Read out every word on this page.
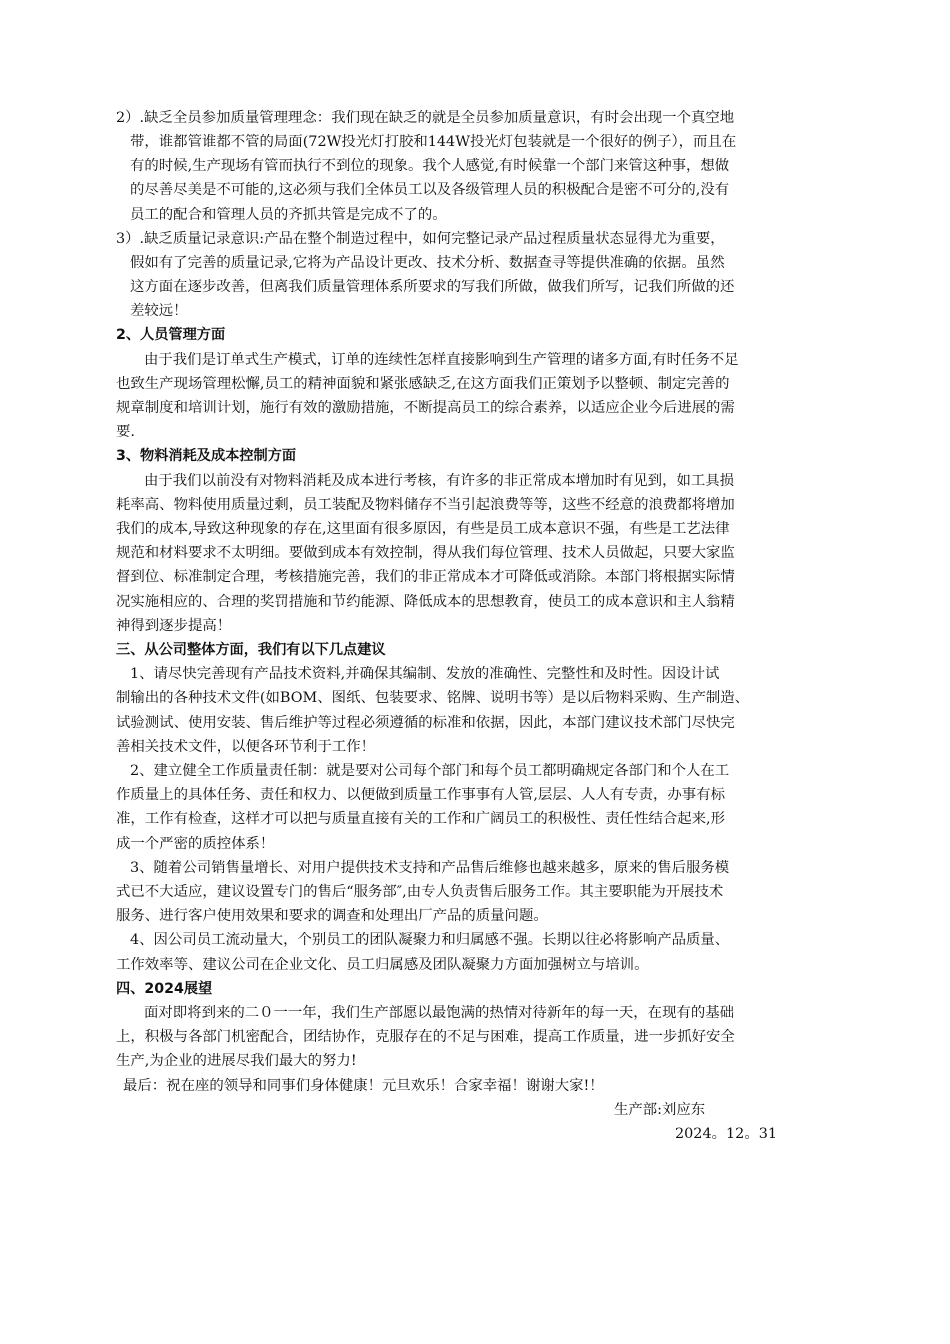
2）.缺乏全员参加质量管理理念：我们现在缺乏的就是全员参加质量意识，有时会出现一个真空地
带，谁都管谁都不管的局面(72W投光灯打胶和144W投光灯包装就是一个很好的例子），而且在
有的时候,生产现场有管而执行不到位的现象。我个人感觉,有时候靠一个部门来管这种事，想做
的尽善尽美是不可能的,这必须与我们全体员工以及各级管理人员的积极配合是密不可分的,没有
员工的配合和管理人员的齐抓共管是完成不了的。
3）.缺乏质量记录意识:产品在整个制造过程中，如何完整记录产品过程质量状态显得尤为重要，
假如有了完善的质量记录,它将为产品设计更改、技术分析、数据查寻等提供准确的依据。虽然
这方面在逐步改善，但离我们质量管理体系所要求的写我们所做，做我们所写，记我们所做的还
差较远！
2、人员管理方面
由于我们是订单式生产模式，订单的连续性怎样直接影响到生产管理的诸多方面,有时任务不足
也致生产现场管理松懈,员工的精神面貌和紧张感缺乏,在这方面我们正策划予以整顿、制定完善的
规章制度和培训计划，施行有效的激励措施，不断提高员工的综合素养，以适应企业今后进展的需
要.
3、物料消耗及成本控制方面
由于我们以前没有对物料消耗及成本进行考核，有许多的非正常成本增加时有见到，如工具损
耗率高、物料使用质量过剩，员工装配及物料储存不当引起浪费等等，这些不经意的浪费都将增加
我们的成本,导致这种现象的存在,这里面有很多原因，有些是员工成本意识不强，有些是工艺法律
规范和材料要求不太明细。要做到成本有效控制，得从我们每位管理、技术人员做起，只要大家监
督到位、标准制定合理，考核措施完善，我们的非正常成本才可降低或消除。本部门将根据实际情
况实施相应的、合理的奖罚措施和节约能源、降低成本的思想教育，使员工的成本意识和主人翁精
神得到逐步提高！
三、从公司整体方面，我们有以下几点建议
1、请尽快完善现有产品技术资料,并确保其编制、发放的准确性、完整性和及时性。因设计试
制输出的各种技术文件(如BOM、图纸、包装要求、铭牌、说明书等）是以后物料采购、生产制造、
试验测试、使用安装、售后维护等过程必须遵循的标准和依据，因此，本部门建议技术部门尽快完
善相关技术文件，以便各环节利于工作！
2、建立健全工作质量责任制：就是要对公司每个部门和每个员工都明确规定各部门和个人在工
作质量上的具体任务、责任和权力、以便做到质量工作事事有人管,层层、人人有专责，办事有标
准，工作有检查，这样才可以把与质量直接有关的工作和广阔员工的积极性、责任性结合起来,形
成一个严密的质控体系！
3、随着公司销售量增长、对用户提供技术支持和产品售后维修也越来越多，原来的售后服务模
式已不大适应，建议设置专门的售后“服务部″,由专人负责售后服务工作。其主要职能为开展技术
服务、进行客户使用效果和要求的调查和处理出厂产品的质量问题。
4、因公司员工流动量大，个别员工的团队凝聚力和归属感不强。长期以往必将影响产品质量、
工作效率等、建议公司在企业文化、员工归属感及团队凝聚力方面加强树立与培训。
四、2024展望
面对即将到来的二０一一年，我们生产部愿以最饱满的热情对待新年的每一天，在现有的基础
上，积极与各部门机密配合，团结协作，克服存在的不足与困难，提高工作质量，进一步抓好安全
生产,为企业的进展尽我们最大的努力!
最后：祝在座的领导和同事们身体健康！元旦欢乐！合家幸福！谢谢大家!！
生产部:刘应东
2024。12。31
